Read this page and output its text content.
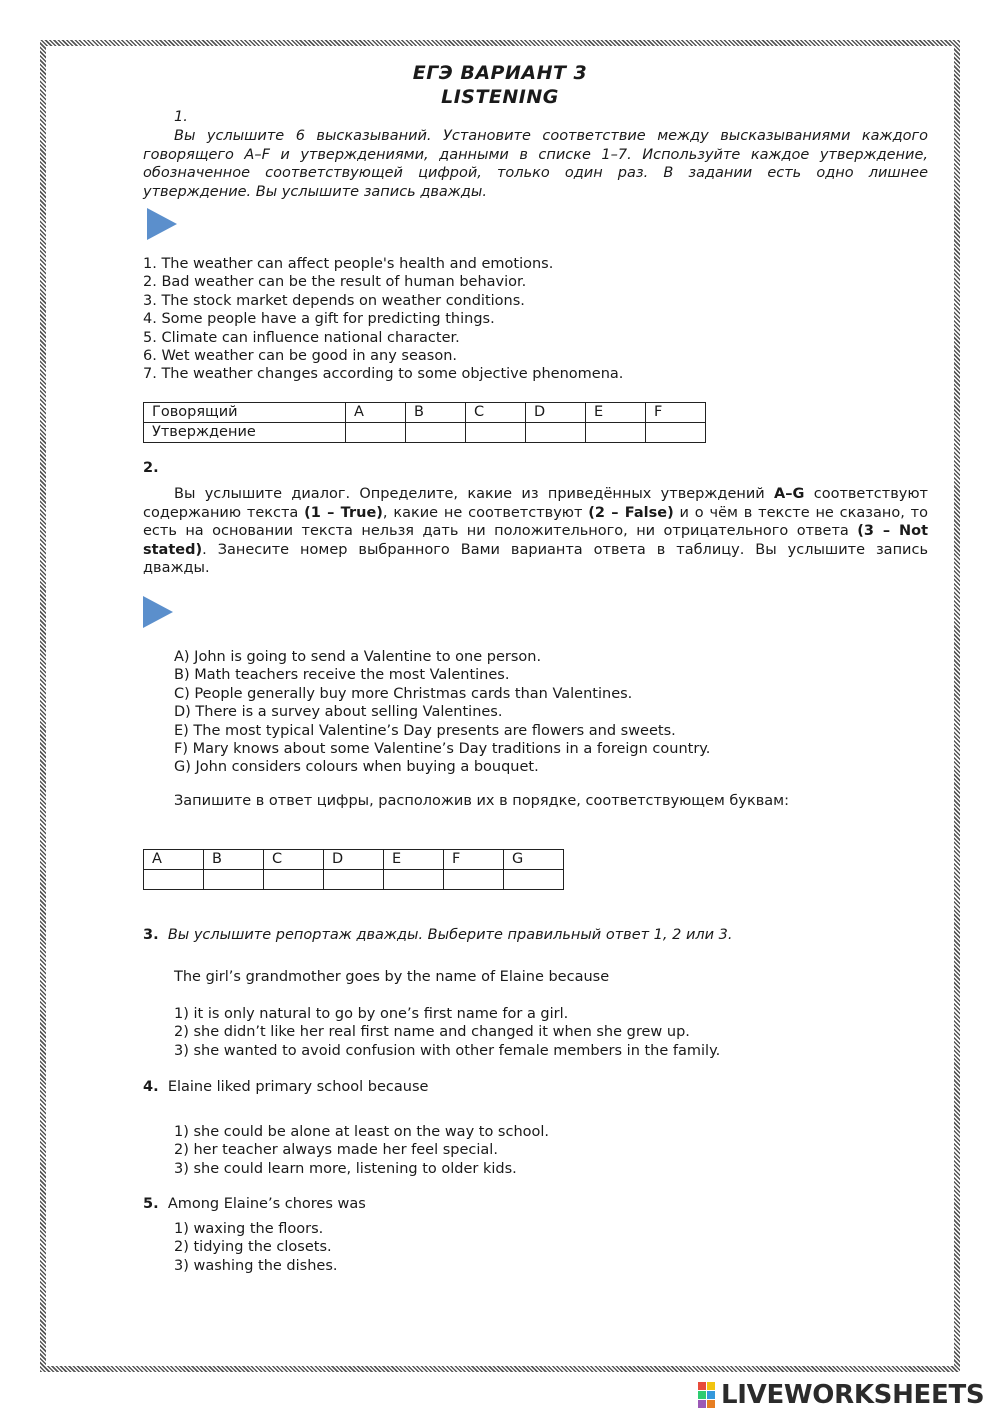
ЕГЭ ВАРИАНТ 3
LISTENING
1.
Вы услышите 6 высказываний. Установите соответствие между высказываниями каждого говорящего A–F и утверждениями, данными в списке 1–7. Используйте каждое утверждение, обозначенное соответствующей цифрой, только один раз. В задании есть одно лишнее утверждение. Вы услышите запись дважды.
1. The weather can affect people's health and emotions.
2. Bad weather can be the result of human behavior.
3. The stock market depends on weather conditions.
4. Some people have a gift for predicting things.
5. Climate can influence national character.
6. Wet weather can be good in any season.
7. The weather changes according to some objective phenomena.
Говорящий	A	B	C	D	E	F
Утверждение						
2.
Вы услышите диалог. Определите, какие из приведённых утверждений A–G соответствуют содержанию текста (1 – True), какие не соответствуют (2 – False) и о чём в тексте не сказано, то есть на основании текста нельзя дать ни положительного, ни отрицательного ответа (3 – Not stated). Занесите номер выбранного Вами варианта ответа в таблицу. Вы услышите запись дважды.
A) John is going to send a Valentine to one person.
B) Math teachers receive the most Valentines.
C) People generally buy more Christmas cards than Valentines.
D) There is a survey about selling Valentines.
E) The most typical Valentine’s Day presents are flowers and sweets.
F) Mary knows about some Valentine’s Day traditions in a foreign country.
G) John considers colours when buying a bouquet.
Запишите в ответ цифры, расположив их в порядке, соответствующем буквам:
A	B	C	D	E	F	G

3. Вы услышите репортаж дважды. Выберите правильный ответ 1, 2 или 3.
The girl’s grandmother goes by the name of Elaine because
1) it is only natural to go by one’s first name for a girl.
2) she didn’t like her real first name and changed it when she grew up.
3) she wanted to avoid confusion with other female members in the family.
4. Elaine liked primary school because
1) she could be alone at least on the way to school.
2) her teacher always made her feel special.
3) she could learn more, listening to older kids.
5. Among Elaine’s chores was
1) waxing the floors.
2) tidying the closets.
3) washing the dishes.
LIVEWORKSHEETS
